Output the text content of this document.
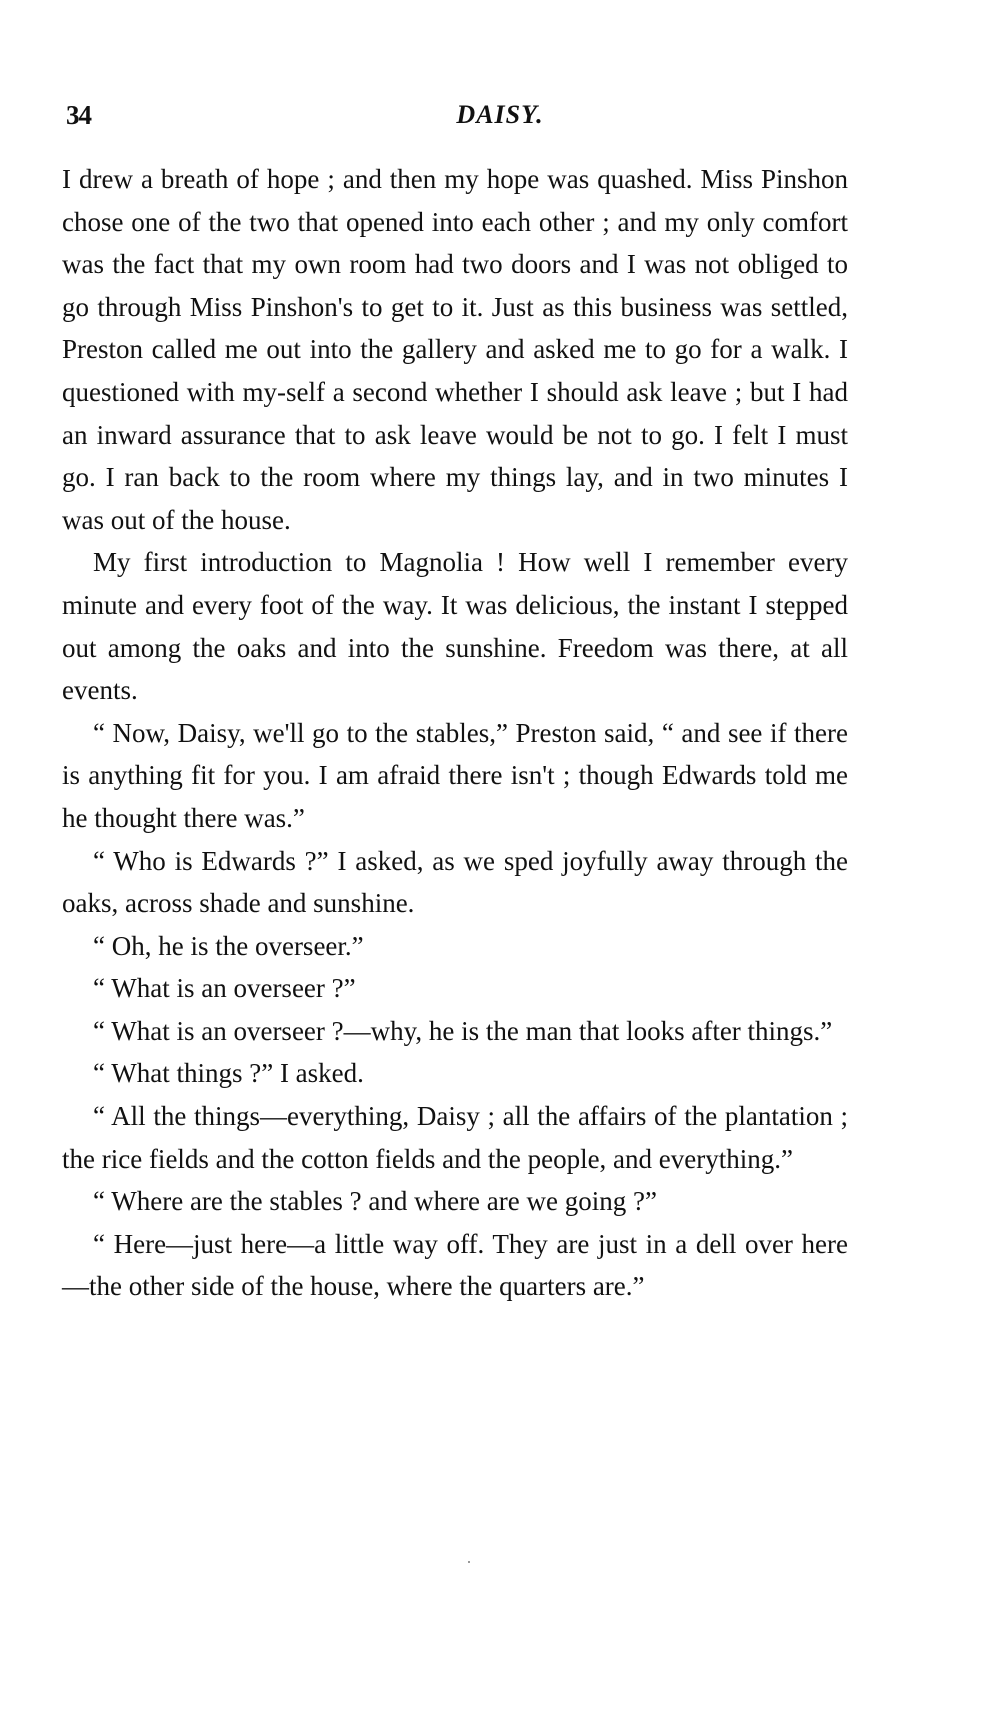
34	DAISY.

I drew a breath of hope ; and then my hope was quashed. Miss Pinshon chose one of the two that opened into each other ; and my only comfort was the fact that my own room had two doors and I was not obliged to go through Miss Pinshon's to get to it. Just as this business was settled, Preston called me out into the gallery and asked me to go for a walk. I questioned with my-self a second whether I should ask leave ; but I had an inward assurance that to ask leave would be not to go. I felt I must go. I ran back to the room where my things lay, and in two minutes I was out of the house.

My first introduction to Magnolia ! How well I remember every minute and every foot of the way. It was delicious, the instant I stepped out among the oaks and into the sunshine. Freedom was there, at all events.

“ Now, Daisy, we'll go to the stables,” Preston said, “ and see if there is anything fit for you. I am afraid there isn't ; though Edwards told me he thought there was.”

“ Who is Edwards ?” I asked, as we sped joyfully away through the oaks, across shade and sunshine.

“ Oh, he is the overseer.”

“ What is an overseer ?”

“ What is an overseer ?—why, he is the man that looks after things.”

“ What things ?” I asked.

“ All the things—everything, Daisy ; all the affairs of the plantation ; the rice fields and the cotton fields and the people, and everything.”

“ Where are the stables ? and where are we going ?”

“ Here—just here—a little way off. They are just in a dell over here—the other side of the house, where the quarters are.”
